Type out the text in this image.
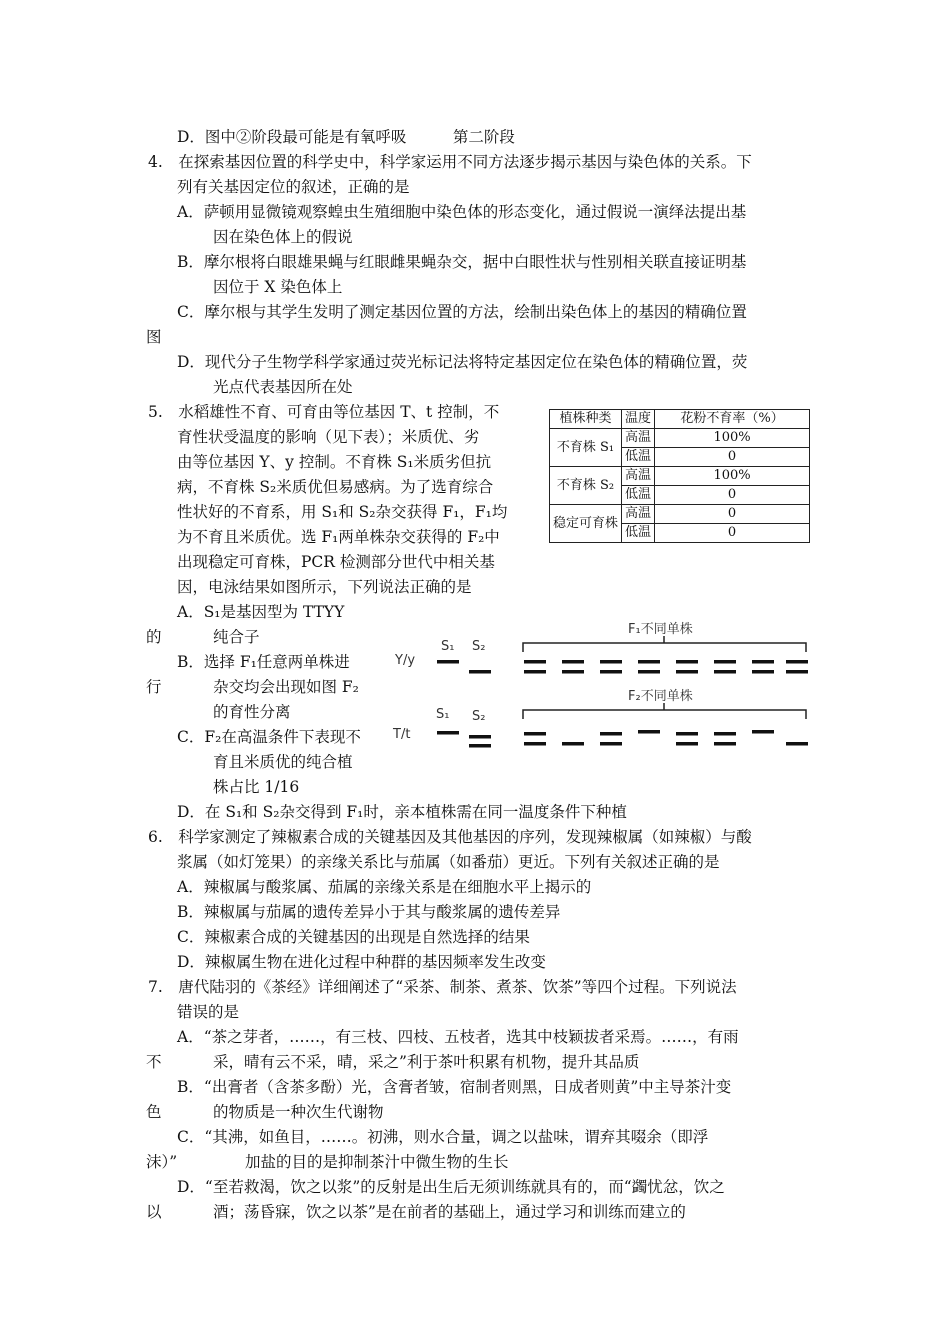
D．图中②阶段最可能是有氧呼吸　　　第二阶段
4.　在探索基因位置的科学史中，科学家运用不同方法逐步揭示基因与染色体的关系。下
列有关基因定位的叙述，正确的是
A．萨顿用显微镜观察蝗虫生殖细胞中染色体的形态变化，通过假说一演绎法提出基
因在染色体上的假说
B．摩尔根将白眼雄果蝇与红眼雌果蝇杂交，据中白眼性状与性别相关联直接证明基
因位于 X 染色体上
C．摩尔根与其学生发明了测定基因位置的方法，绘制出染色体上的基因的精确位置
图
D．现代分子生物学科学家通过荧光标记法将特定基因定位在染色体的精确位置，荧
光点代表基因所在处
5.　水稻雄性不育、可育由等位基因 T、t 控制，不
育性状受温度的影响（见下表）；米质优、劣
由等位基因 Y、y 控制。不育株 S₁米质劣但抗
病，不育株 S₂米质优但易感病。为了选育综合
性状好的不育系，用 S₁和 S₂杂交获得 F₁，F₁均
为不育且米质优。选 F₁两单株杂交获得的 F₂中
出现稳定可育株，PCR 检测部分世代中相关基
因，电泳结果如图所示，下列说法正确的是
A．S₁是基因型为 TTYY
的	纯合子
B．选择 F₁任意两单株进
行	杂交均会出现如图 F₂
的育性分离
C．F₂在高温条件下表现不
育且米质优的纯合植
株占比 1/16
D．在 S₁和 S₂杂交得到 F₁时，亲本植株需在同一温度条件下种植
6.　科学家测定了辣椒素合成的关键基因及其他基因的序列，发现辣椒属（如辣椒）与酸
浆属（如灯笼果）的亲缘关系比与茄属（如番茄）更近。下列有关叙述正确的是
A．辣椒属与酸浆属、茄属的亲缘关系是在细胞水平上揭示的
B．辣椒属与茄属的遗传差异小于其与酸浆属的遗传差异
C．辣椒素合成的关键基因的出现是自然选择的结果
D．辣椒属生物在进化过程中种群的基因频率发生改变
7.　唐代陆羽的《茶经》详细阐述了“采茶、制茶、煮茶、饮茶”等四个过程。下列说法
错误的是
A．“茶之芽者，……，有三枝、四枝、五枝者，选其中枝颖拔者采焉。……，有雨
不	采，晴有云不采，晴，采之”利于茶叶积累有机物，提升其品质
B．“出膏者（含茶多酚）光，含膏者皱，宿制者则黑，日成者则黄”中主导茶汁变
色	的物质是一种次生代谢物
C．“其沸，如鱼目，……。初沸，则水合量，调之以盐味，谓弃其啜余（即浮
沫）”	加盐的目的是抑制茶汁中微生物的生长
D．“至若救渴，饮之以浆”的反射是出生后无须训练就具有的，而“蠲忧忿，饮之
以	酒；荡昏寐，饮之以茶”是在前者的基础上，通过学习和训练而建立的
植株种类	温度	花粉不育率（%）
不育株 S₁	高温	100%
	低温	0
不育株 S₂	高温	100%
	低温	0
稳定可育株	高温	0
	低温	0
Y/y
T/t
S₁ S₂
S₁ S₂
F₁不同单株
F₂不同单株
